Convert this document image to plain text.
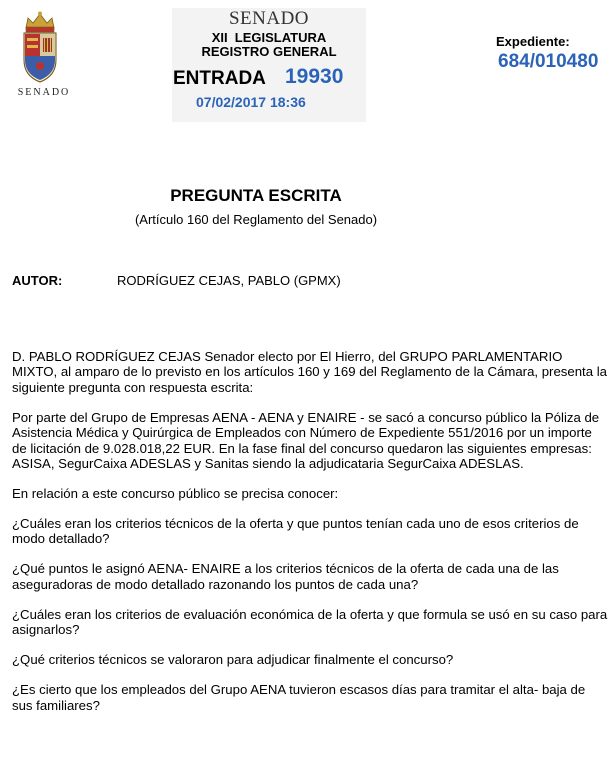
SENADO
SENADO
XII  LEGISLATURA
REGISTRO GENERAL
ENTRADA 19930
07/02/2017 18:36
Expediente:
684/010480
PREGUNTA ESCRITA
(Artículo 160 del Reglamento del Senado)
AUTOR:	RODRÍGUEZ CEJAS, PABLO (GPMX)

D. PABLO RODRÍGUEZ CEJAS Senador electo por El Hierro, del GRUPO PARLAMENTARIO MIXTO, al amparo de lo previsto en los artículos 160 y 169 del Reglamento de la Cámara, presenta la siguiente pregunta con respuesta escrita:

Por parte del Grupo de Empresas AENA - AENA y ENAIRE - se sacó a concurso público la Póliza de Asistencia Médica y Quirúrgica de Empleados con Número de Expediente 551/2016 por un importe de licitación de 9.028.018,22 EUR. En la fase final del concurso quedaron las siguientes empresas: ASISA, SegurCaixa ADESLAS y Sanitas siendo la adjudicataria SegurCaixa ADESLAS.

En relación a este concurso público se precisa conocer:

¿Cuáles eran los criterios técnicos de la oferta y que puntos tenían cada uno de esos criterios de modo detallado?

¿Qué puntos le asignó AENA- ENAIRE a los criterios técnicos de la oferta de cada una de las aseguradoras de modo detallado razonando los puntos de cada una?

¿Cuáles eran los criterios de evaluación económica de la oferta y que formula se usó en su caso para asignarlos?

¿Qué criterios técnicos se valoraron para adjudicar finalmente el concurso?

¿Es cierto que los empleados del Grupo AENA tuvieron escasos días para tramitar el alta- baja de sus familiares?
